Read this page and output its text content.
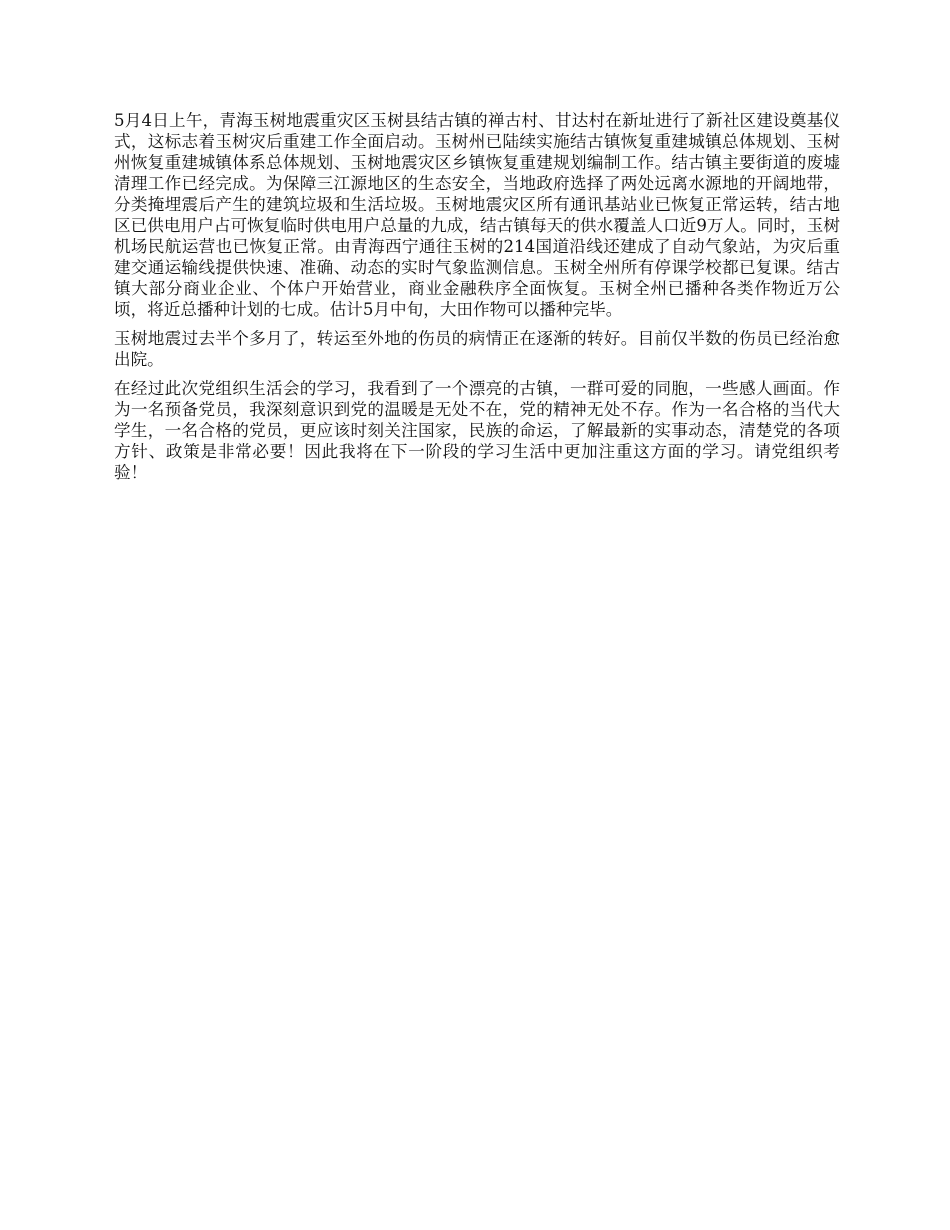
5月4日上午，青海玉树地震重灾区玉树县结古镇的禅古村、甘达村在新址进行了新社区建设奠基仪式，这标志着玉树灾后重建工作全面启动。玉树州已陆续实施结古镇恢复重建城镇总体规划、玉树州恢复重建城镇体系总体规划、玉树地震灾区乡镇恢复重建规划编制工作。结古镇主要街道的废墟清理工作已经完成。为保障三江源地区的生态安全，当地政府选择了两处远离水源地的开阔地带，分类掩埋震后产生的建筑垃圾和生活垃圾。玉树地震灾区所有通讯基站业已恢复正常运转，结古地区已供电用户占可恢复临时供电用户总量的九成，结古镇每天的供水覆盖人口近9万人。同时，玉树机场民航运营也已恢复正常。由青海西宁通往玉树的214国道沿线还建成了自动气象站，为灾后重建交通运输线提供快速、准确、动态的实时气象监测信息。玉树全州所有停课学校都已复课。结古镇大部分商业企业、个体户开始营业，商业金融秩序全面恢复。玉树全州已播种各类作物近万公顷，将近总播种计划的七成。估计5月中旬，大田作物可以播种完毕。

玉树地震过去半个多月了，转运至外地的伤员的病情正在逐渐的转好。目前仅半数的伤员已经治愈出院。

在经过此次党组织生活会的学习，我看到了一个漂亮的古镇，一群可爱的同胞，一些感人画面。作为一名预备党员，我深刻意识到党的温暖是无处不在，党的精神无处不存。作为一名合格的当代大学生，一名合格的党员，更应该时刻关注国家，民族的命运，了解最新的实事动态，清楚党的各项方针、政策是非常必要！因此我将在下一阶段的学习生活中更加注重这方面的学习。请党组织考验！
